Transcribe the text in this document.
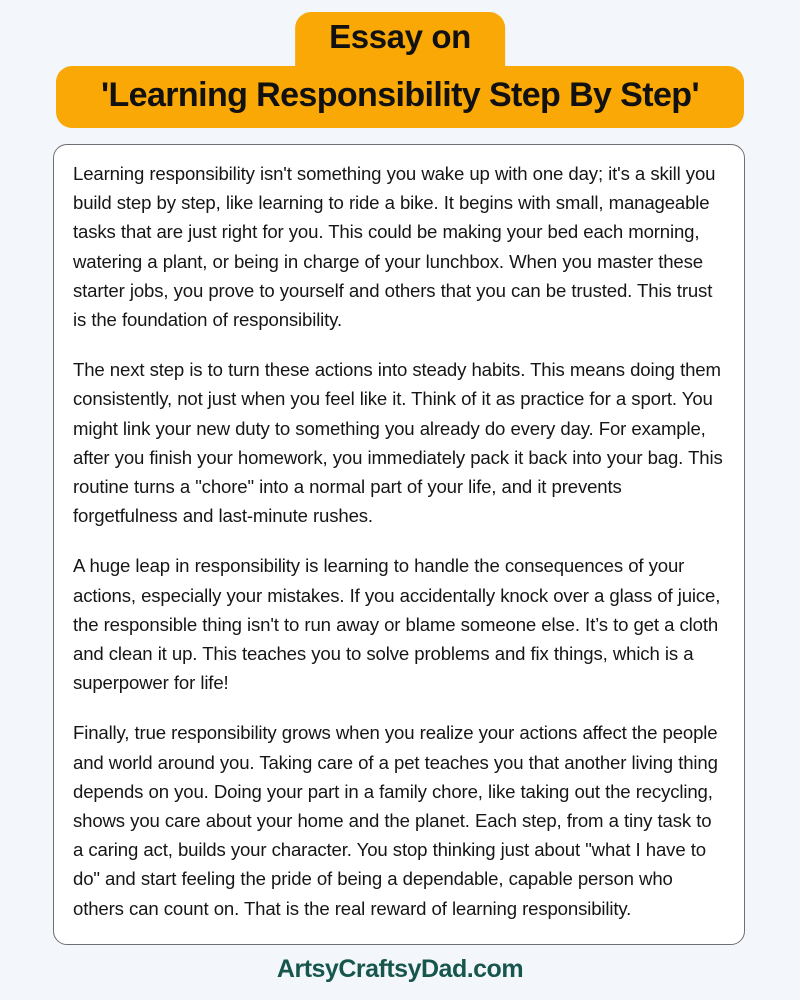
Essay on
'Learning Responsibility Step By Step'

Learning responsibility isn't something you wake up with one day; it's a skill you build step by step, like learning to ride a bike. It begins with small, manageable tasks that are just right for you. This could be making your bed each morning, watering a plant, or being in charge of your lunchbox. When you master these starter jobs, you prove to yourself and others that you can be trusted. This trust is the foundation of responsibility.

The next step is to turn these actions into steady habits. This means doing them consistently, not just when you feel like it. Think of it as practice for a sport. You might link your new duty to something you already do every day. For example, after you finish your homework, you immediately pack it back into your bag. This routine turns a "chore" into a normal part of your life, and it prevents forgetfulness and last-minute rushes.

A huge leap in responsibility is learning to handle the consequences of your actions, especially your mistakes. If you accidentally knock over a glass of juice, the responsible thing isn't to run away or blame someone else. It’s to get a cloth and clean it up. This teaches you to solve problems and fix things, which is a superpower for life!

Finally, true responsibility grows when you realize your actions affect the people and world around you. Taking care of a pet teaches you that another living thing depends on you. Doing your part in a family chore, like taking out the recycling, shows you care about your home and the planet. Each step, from a tiny task to a caring act, builds your character. You stop thinking just about "what I have to do" and start feeling the pride of being a dependable, capable person who others can count on. That is the real reward of learning responsibility.

ArtsyCraftsyDad.com
